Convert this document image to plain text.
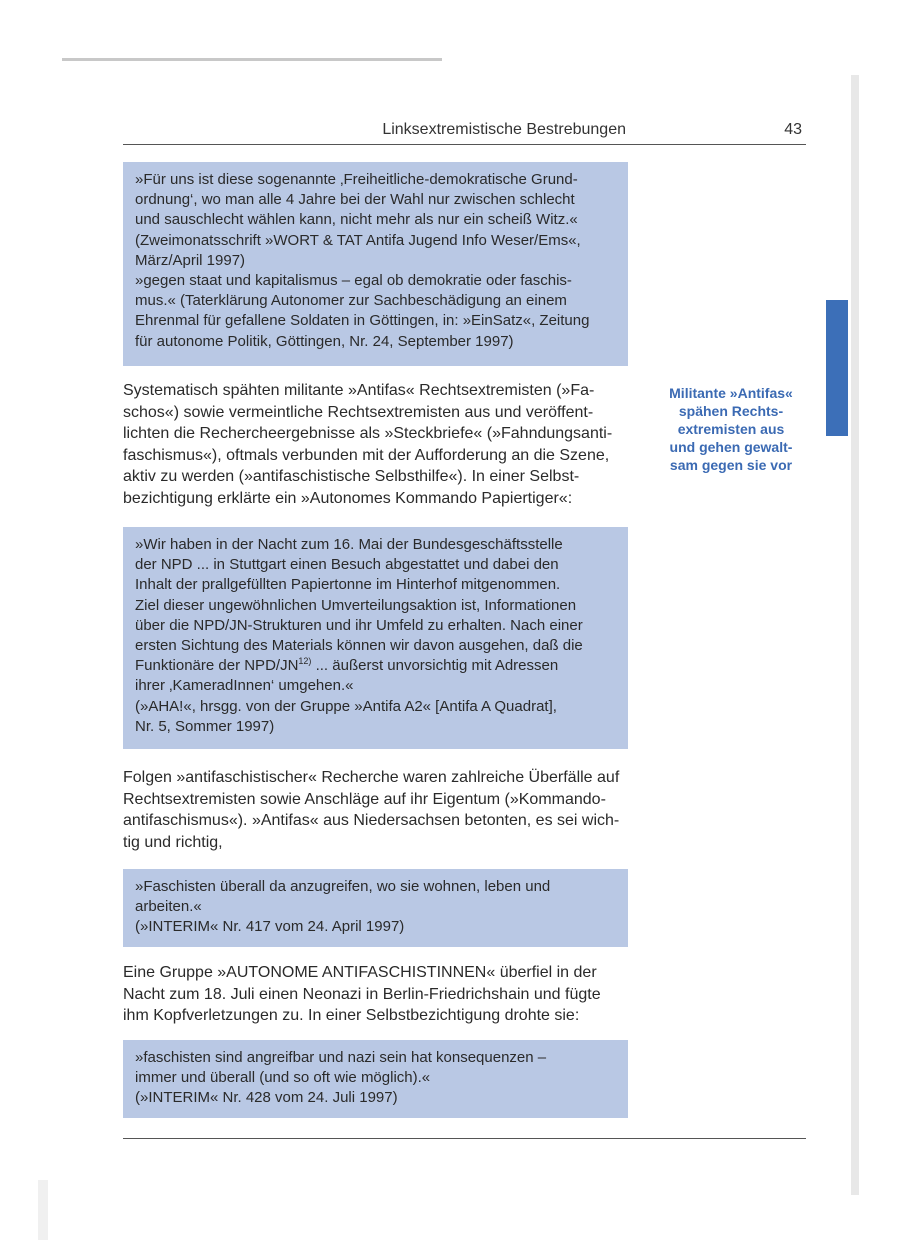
Linksextremistische Bestrebungen	43

»Für uns ist diese sogenannte ‚Freiheitliche-demokratische Grund-

ordnung‘, wo man alle 4 Jahre bei der Wahl nur zwischen schlecht

und sauschlecht wählen kann, nicht mehr als nur ein scheiß Witz.«

(Zweimonatsschrift »WORT & TAT Antifa Jugend Info Weser/Ems«,

März/April 1997)

»gegen staat und kapitalismus – egal ob demokratie oder faschis-

mus.« (Taterklärung Autonomer zur Sachbeschädigung an einem

Ehrenmal für gefallene Soldaten in Göttingen, in: »EinSatz«, Zeitung

für autonome Politik, Göttingen, Nr. 24, September 1997)

Systematisch spähten militante »Antifas« Rechtsextremisten (»Fa-

schos«) sowie vermeintliche Rechtsextremisten aus und veröffent-

lichten die Rechercheergebnisse als »Steckbriefe« (»Fahndungsanti-

faschismus«), oftmals verbunden mit der Aufforderung an die Szene,

aktiv zu werden (»antifaschistische Selbsthilfe«). In einer Selbst-

bezichtigung erklärte ein »Autonomes Kommando Papiertiger«:

Militante »Antifas«
spähen Rechts-
extremisten aus
und gehen gewalt-
sam gegen sie vor

»Wir haben in der Nacht zum 16. Mai der Bundesgeschäftsstelle

der NPD ... in Stuttgart einen Besuch abgestattet und dabei den

Inhalt der prallgefüllten Papiertonne im Hinterhof mitgenommen.

Ziel dieser ungewöhnlichen Umverteilungsaktion ist, Informationen

über die NPD/JN-Strukturen und ihr Umfeld zu erhalten. Nach einer

ersten Sichtung des Materials können wir davon ausgehen, daß die

Funktionäre der NPD/JN$^{12)}$ ... äußerst unvorsichtig mit Adressen

ihrer ‚KameradInnen‘ umgehen.«

(»AHA!«, hrsgg. von der Gruppe »Antifa A2« [Antifa A Quadrat],

Nr. 5, Sommer 1997)

Folgen »antifaschistischer« Recherche waren zahlreiche Überfälle auf

Rechtsextremisten sowie Anschläge auf ihr Eigentum (»Kommando-

antifaschismus«). »Antifas« aus Niedersachsen betonten, es sei wich-

tig und richtig,

»Faschisten überall da anzugreifen, wo sie wohnen, leben und

arbeiten.«

(»INTERIM« Nr. 417 vom 24. April 1997)

Eine Gruppe »AUTONOME ANTIFASCHISTINNEN« überfiel in der

Nacht zum 18. Juli einen Neonazi in Berlin-Friedrichshain und fügte

ihm Kopfverletzungen zu. In einer Selbstbezichtigung drohte sie:

»faschisten sind angreifbar und nazi sein hat konsequenzen –

immer und überall (und so oft wie möglich).«

(»INTERIM« Nr. 428 vom 24. Juli 1997)
